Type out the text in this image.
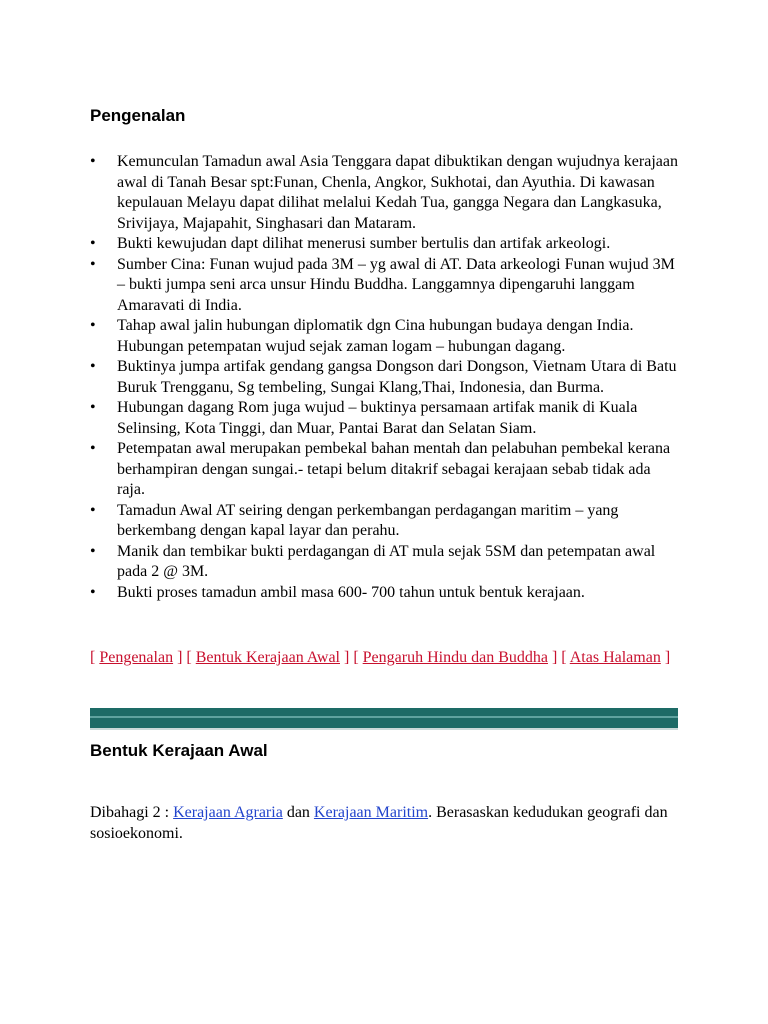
Pengenalan
• Kemunculan Tamadun awal Asia Tenggara dapat dibuktikan dengan wujudnya kerajaan awal di Tanah Besar spt:Funan, Chenla, Angkor, Sukhotai, dan Ayuthia. Di kawasan kepulauan Melayu dapat dilihat melalui Kedah Tua, gangga Negara dan Langkasuka, Srivijaya, Majapahit, Singhasari dan Mataram.
• Bukti kewujudan dapt dilihat menerusi sumber bertulis dan artifak arkeologi.
• Sumber Cina: Funan wujud pada 3M – yg awal di AT. Data arkeologi Funan wujud 3M – bukti jumpa seni arca unsur Hindu Buddha. Langgamnya dipengaruhi langgam Amaravati di India.
• Tahap awal jalin hubungan diplomatik dgn Cina hubungan budaya dengan India. Hubungan petempatan wujud sejak zaman logam – hubungan dagang.
• Buktinya jumpa artifak gendang gangsa Dongson dari Dongson, Vietnam Utara di Batu Buruk Trengganu, Sg tembeling, Sungai Klang,Thai, Indonesia, dan Burma.
• Hubungan dagang Rom juga wujud – buktinya persamaan artifak manik di Kuala Selinsing, Kota Tinggi, dan Muar, Pantai Barat dan Selatan Siam.
• Petempatan awal merupakan pembekal bahan mentah dan pelabuhan pembekal kerana berhampiran dengan sungai.- tetapi belum ditakrif sebagai kerajaan sebab tidak ada raja.
• Tamadun Awal AT seiring dengan perkembangan perdagangan maritim – yang berkembang dengan kapal layar dan perahu.
• Manik dan tembikar bukti perdagangan di AT mula sejak 5SM dan petempatan awal pada 2 @ 3M.
• Bukti proses tamadun ambil masa 600- 700 tahun untuk bentuk kerajaan.
[ Pengenalan ] [ Bentuk Kerajaan Awal ] [ Pengaruh Hindu dan Buddha ] [ Atas Halaman ]
Bentuk Kerajaan Awal

Dibahagi 2 : Kerajaan Agraria dan Kerajaan Maritim. Berasaskan kedudukan geografi dan sosioekonomi.
